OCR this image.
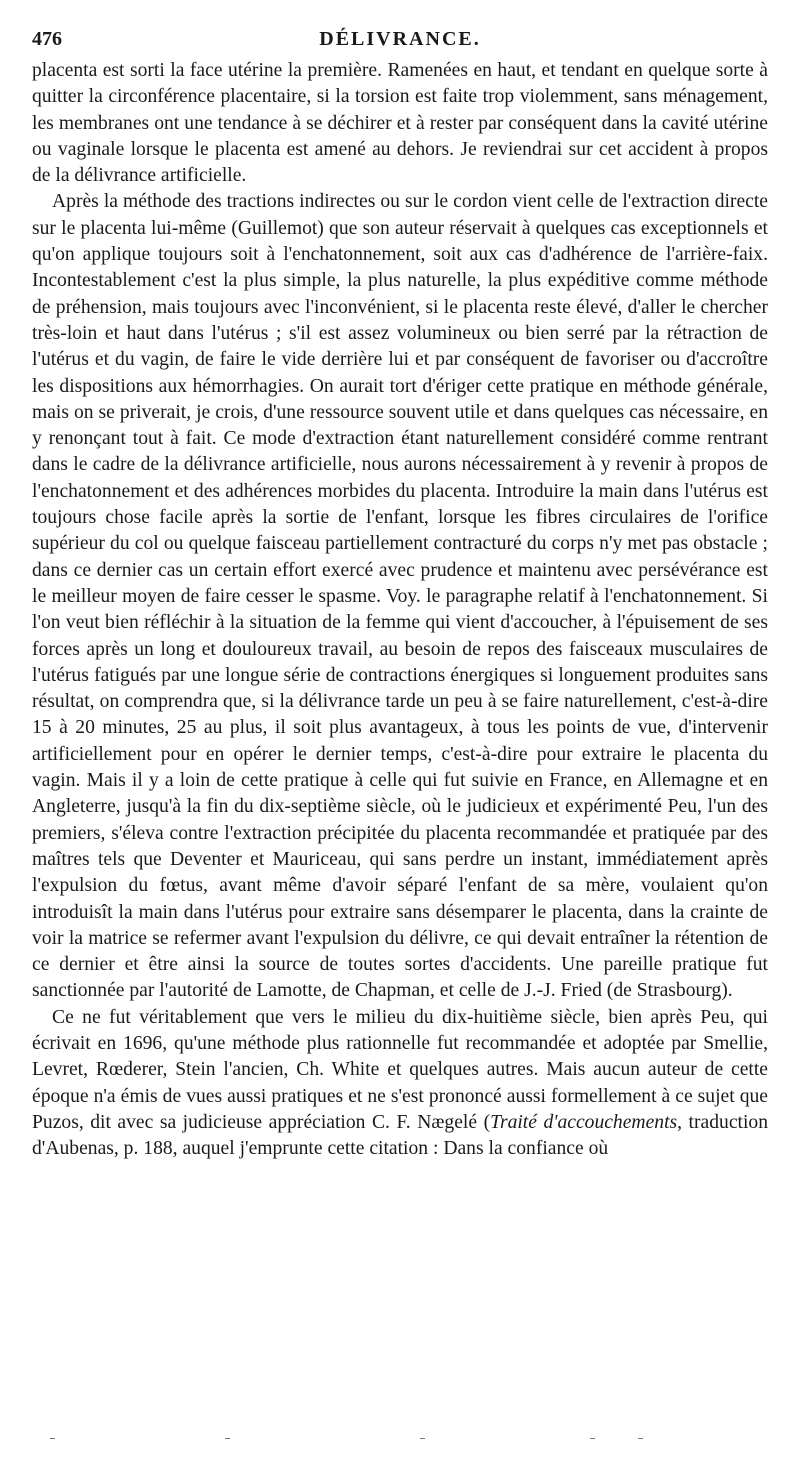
476	DÉLIVRANCE.

placenta est sorti la face utérine la première. Ramenées en haut, et tendant en quelque sorte à quitter la circonférence placentaire, si la torsion est faite trop violemment, sans ménagement, les membranes ont une tendance à se déchirer et à rester par conséquent dans la cavité utérine ou vaginale lorsque le placenta est amené au dehors. Je reviendrai sur cet accident à propos de la délivrance artificielle.

Après la méthode des tractions indirectes ou sur le cordon vient celle de l'extraction directe sur le placenta lui-même (Guillemot) que son auteur réservait à quelques cas exceptionnels et qu'on applique toujours soit à l'enchatonnement, soit aux cas d'adhérence de l'arrière-faix. Incontestablement c'est la plus simple, la plus naturelle, la plus expéditive comme méthode de préhension, mais toujours avec l'inconvénient, si le placenta reste élevé, d'aller le chercher très-loin et haut dans l'utérus ; s'il est assez volumineux ou bien serré par la rétraction de l'utérus et du vagin, de faire le vide derrière lui et par conséquent de favoriser ou d'accroître les dispositions aux hémorrhagies. On aurait tort d'ériger cette pratique en méthode générale, mais on se priverait, je crois, d'une ressource souvent utile et dans quelques cas nécessaire, en y renonçant tout à fait. Ce mode d'extraction étant naturellement considéré comme rentrant dans le cadre de la délivrance artificielle, nous aurons nécessairement à y revenir à propos de l'enchatonnement et des adhérences morbides du placenta. Introduire la main dans l'utérus est toujours chose facile après la sortie de l'enfant, lorsque les fibres circulaires de l'orifice supérieur du col ou quelque faisceau partiellement contracturé du corps n'y met pas obstacle ; dans ce dernier cas un certain effort exercé avec prudence et maintenu avec persévérance est le meilleur moyen de faire cesser le spasme. Voy. le paragraphe relatif à l'enchatonnement. Si l'on veut bien réfléchir à la situation de la femme qui vient d'accoucher, à l'épuisement de ses forces après un long et douloureux travail, au besoin de repos des faisceaux musculaires de l'utérus fatigués par une longue série de contractions énergiques si longuement produites sans résultat, on comprendra que, si la délivrance tarde un peu à se faire naturellement, c'est-à-dire 15 à 20 minutes, 25 au plus, il soit plus avantageux, à tous les points de vue, d'intervenir artificiellement pour en opérer le dernier temps, c'est-à-dire pour extraire le placenta du vagin. Mais il y a loin de cette pratique à celle qui fut suivie en France, en Allemagne et en Angleterre, jusqu'à la fin du dix-septième siècle, où le judicieux et expérimenté Peu, l'un des premiers, s'éleva contre l'extraction précipitée du placenta recommandée et pratiquée par des maîtres tels que Deventer et Mauriceau, qui sans perdre un instant, immédiatement après l'expulsion du fœtus, avant même d'avoir séparé l'enfant de sa mère, voulaient qu'on introduisît la main dans l'utérus pour extraire sans désemparer le placenta, dans la crainte de voir la matrice se refermer avant l'expulsion du délivre, ce qui devait entraîner la rétention de ce dernier et être ainsi la source de toutes sortes d'accidents. Une pareille pratique fut sanctionnée par l'autorité de Lamotte, de Chapman, et celle de J.-J. Fried (de Strasbourg).

Ce ne fut véritablement que vers le milieu du dix-huitième siècle, bien après Peu, qui écrivait en 1696, qu'une méthode plus rationnelle fut recommandée et adoptée par Smellie, Levret, Rœderer, Stein l'ancien, Ch. White et quelques autres. Mais aucun auteur de cette époque n'a émis de vues aussi pratiques et ne s'est prononcé aussi formellement à ce sujet que Puzos, dit avec sa judicieuse appréciation C. F. Nægelé (Traité d'accouchements, traduction d'Aubenas, p. 188, auquel j'emprunte cette citation : Dans la confiance où
